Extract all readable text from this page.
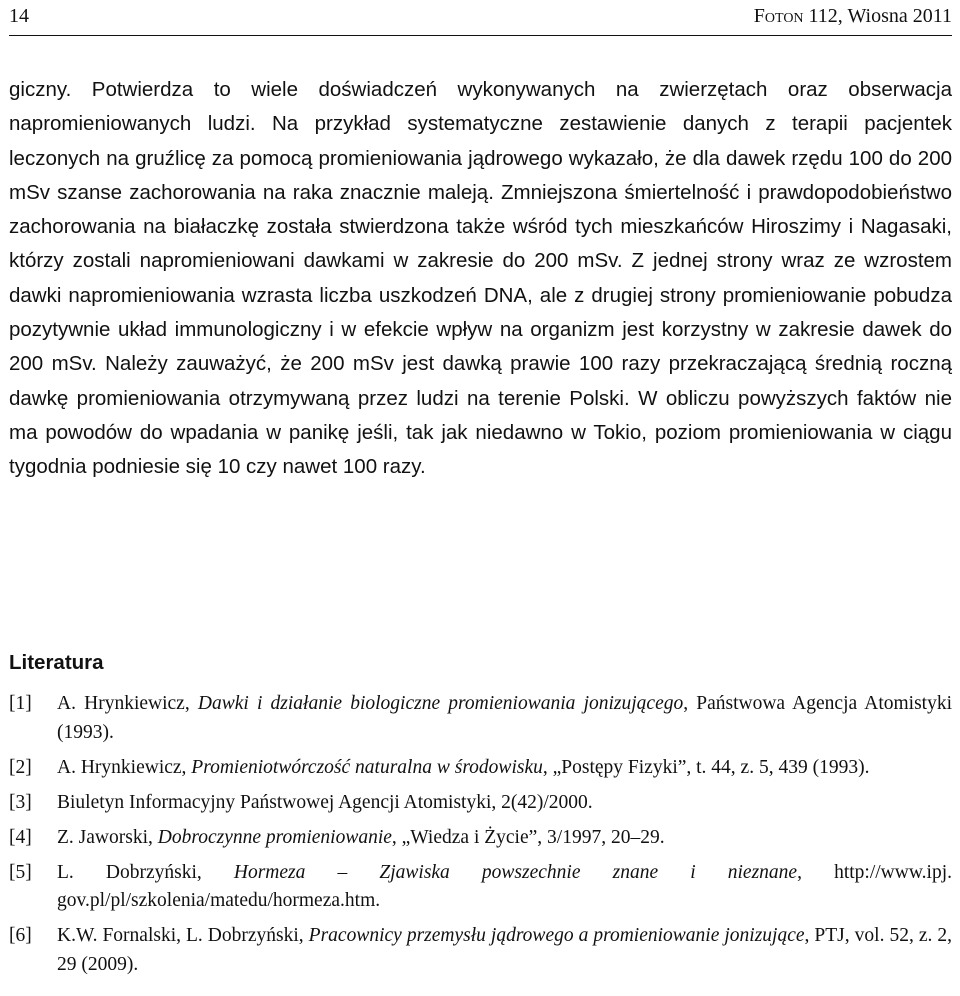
14	Foton 112, Wiosna 2011

giczny. Potwierdza to wiele doświadczeń wykonywanych na zwierzętach oraz obserwacja napromieniowanych ludzi. Na przykład systematyczne zestawienie danych z terapii pacjentek leczonych na gruźlicę za pomocą promieniowania jądrowego wykazało, że dla dawek rzędu 100 do 200 mSv szanse zachorowania na raka znacznie maleją. Zmniejszona śmiertelność i prawdopodobieństwo zachorowania na białaczkę została stwierdzona także wśród tych mieszkańców Hiroszimy i Nagasaki, którzy zostali napromieniowani dawkami w zakresie do 200 mSv. Z jednej strony wraz ze wzrostem dawki napromieniowania wzrasta liczba uszkodzeń DNA, ale z drugiej strony promieniowanie pobudza pozytywnie układ immunologiczny i w efekcie wpływ na organizm jest korzystny w zakresie dawek do 200 mSv. Należy zauważyć, że 200 mSv jest dawką prawie 100 razy przekraczającą średnią roczną dawkę promieniowania otrzymywaną przez ludzi na terenie Polski. W obliczu powyższych faktów nie ma powodów do wpadania w panikę jeśli, tak jak niedawno w Tokio, poziom promieniowania w ciągu tygodnia podniesie się 10 czy nawet 100 razy.

Literatura
[1] A. Hrynkiewicz, Dawki i działanie biologiczne promieniowania jonizującego, Państwowa Agencja Atomistyki (1993).
[2] A. Hrynkiewicz, Promieniotwórczość naturalna w środowisku, „Postępy Fizyki”, t. 44, z. 5, 439 (1993).
[3] Biuletyn Informacyjny Państwowej Agencji Atomistyki, 2(42)/2000.
[4] Z. Jaworski, Dobroczynne promieniowanie, „Wiedza i Życie”, 3/1997, 20–29.
[5] L. Dobrzyński, Hormeza – Zjawiska powszechnie znane i nieznane, http://www.ipj.​gov.pl/pl/szkolenia/matedu/hormeza.htm.
[6] K.W. Fornalski, L. Dobrzyński, Pracownicy przemysłu jądrowego a promieniowanie jonizujące, PTJ, vol. 52, z. 2, 29 (2009).
